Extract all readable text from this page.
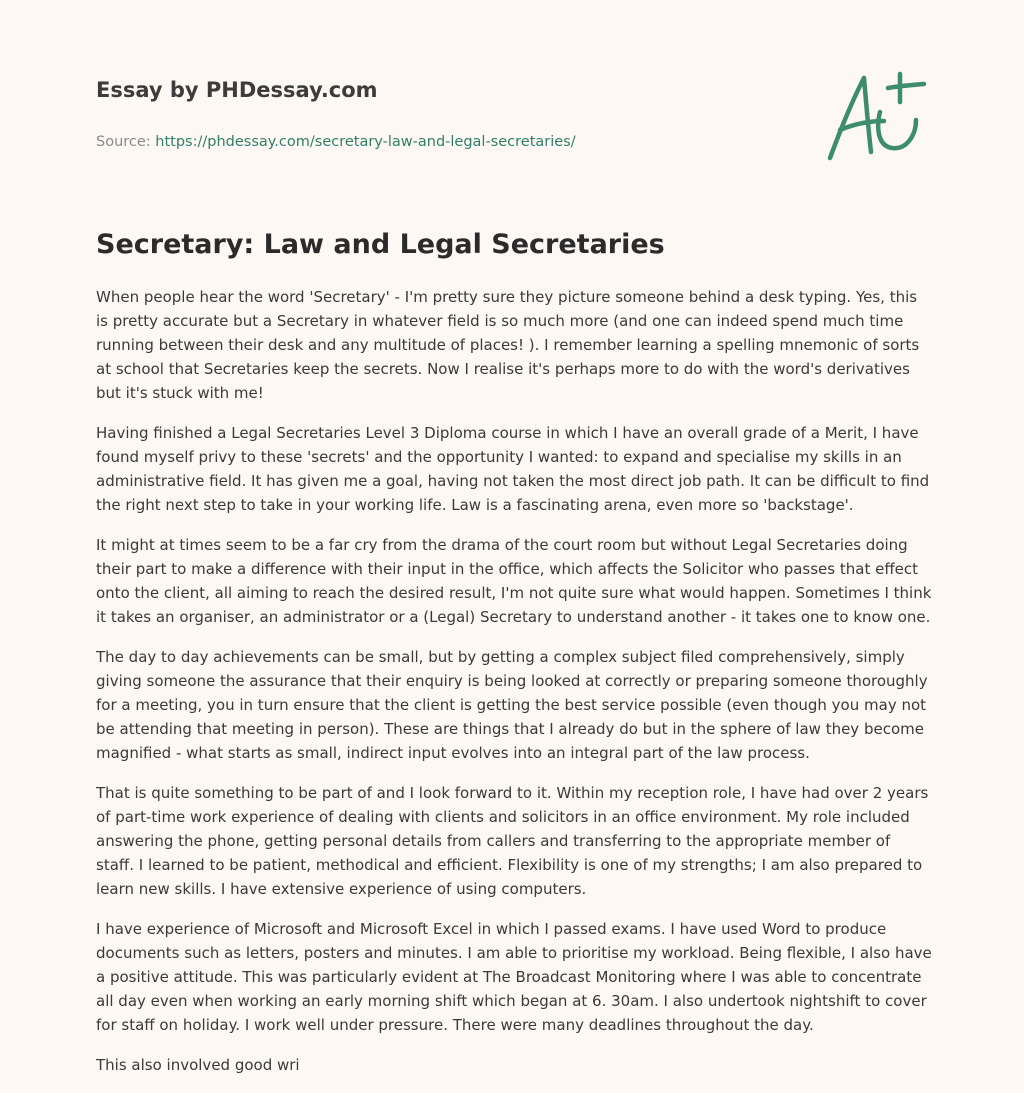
Essay by PHDessay.com
Source: https://phdessay.com/secretary-law-and-legal-secretaries/
Secretary: Law and Legal Secretaries

When people hear the word 'Secretary' - I'm pretty sure they picture someone behind a desk typing. Yes, this is pretty accurate but a Secretary in whatever field is so much more (and one can indeed spend much time running between their desk and any multitude of places! ). I remember learning a spelling mnemonic of sorts at school that Secretaries keep the secrets. Now I realise it's perhaps more to do with the word's derivatives but it's stuck with me!

Having finished a Legal Secretaries Level 3 Diploma course in which I have an overall grade of a Merit, I have found myself privy to these 'secrets' and the opportunity I wanted: to expand and specialise my skills in an administrative field. It has given me a goal, having not taken the most direct job path. It can be difficult to find the right next step to take in your working life. Law is a fascinating arena, even more so 'backstage'.

It might at times seem to be a far cry from the drama of the court room but without Legal Secretaries doing their part to make a difference with their input in the office, which affects the Solicitor who passes that effect onto the client, all aiming to reach the desired result, I'm not quite sure what would happen. Sometimes I think it takes an organiser, an administrator or a (Legal) Secretary to understand another - it takes one to know one.

The day to day achievements can be small, but by getting a complex subject filed comprehensively, simply giving someone the assurance that their enquiry is being looked at correctly or preparing someone thoroughly for a meeting, you in turn ensure that the client is getting the best service possible (even though you may not be attending that meeting in person). These are things that I already do but in the sphere of law they become magnified - what starts as small, indirect input evolves into an integral part of the law process.

That is quite something to be part of and I look forward to it. Within my reception role, I have had over 2 years of part-time work experience of dealing with clients and solicitors in an office environment. My role included answering the phone, getting personal details from callers and transferring to the appropriate member of staff. I learned to be patient, methodical and efficient. Flexibility is one of my strengths; I am also prepared to learn new skills. I have extensive experience of using computers.

I have experience of Microsoft and Microsoft Excel in which I passed exams. I have used Word to produce documents such as letters, posters and minutes. I am able to prioritise my workload. Being flexible, I also have a positive attitude. This was particularly evident at The Broadcast Monitoring where I was able to concentrate all day even when working an early morning shift which began at 6. 30am. I also undertook nightshift to cover for staff on holiday. I work well under pressure. There were many deadlines throughout the day.

This also involved good wri
